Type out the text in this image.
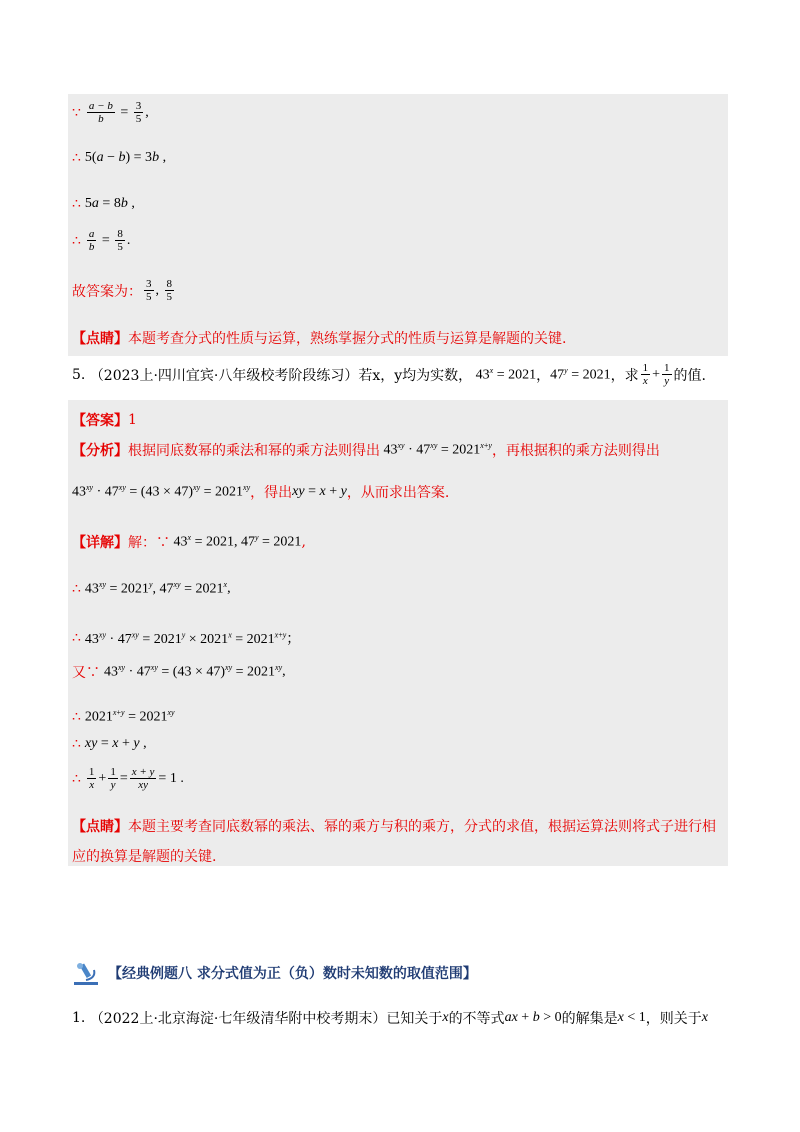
∵ $\frac{a - b}{b} = \frac{3}{5}$ ,
∴ 5(a − b) = 3b ,
∴ 5a = 8b ,
∴ $\frac{a}{b} = \frac{8}{5}$ .
故答案为： $\frac{3}{5}$ , $\frac{8}{5}$
【点睛】 本题考查分式的性质与运算，熟练掌握分式的性质与运算是解题的关键.
5.
（2023上·四川宜宾·八年级校考阶段练习） 若x，y均为实数， $43^x = 2021$ ， $47^y = 2021$ ，求 $\frac{1}{x} + \frac{1}{y}$ 的值.
【答案】 1
【分析】 根据同底数幂的乘法和幂的乘方法则得出 $43^{xy} \cdot 47^{xy} = 2021^{x+y}$ ，再根据积的乘方法则得出
$43^{xy} \cdot 47^{xy} = (43 \times 47)^{xy} = 2021^{xy}$ ，得出 xy = x + y ，从而求出答案.
【详解】 解：∵ $43^x = 2021$, $47^y = 2021$ ,
∴ $43^{xy} = 2021^y$, $47^{xy} = 2021^x$ ,
∴ $43^{xy} \cdot 47^{xy} = 2021^y \times 2021^x = 2021^{x+y}$；
又∵ $43^{xy} \cdot 47^{xy} = (43 \times 47)^{xy} = 2021^{xy}$ ,
∴ $2021^{x+y} = 2021^{xy}$
∴ xy = x + y ,
∴ $\frac{1}{x} + \frac{1}{y} = \frac{x + y}{xy} = 1$ .
【点睛】本题主要考查同底数幂的乘法、幂的乘方与积的乘方，分式的求值，根据运算法则将式子进行相应的换算是解题的关键.
【经典例题八 求分式值为正（负）数时未知数的取值范围】
1.
（2022上·北京海淀·七年级清华附中校考期末） 已知关于 x 的不等式 ax + b > 0 的解集是 x < 1 ，则关于 x
